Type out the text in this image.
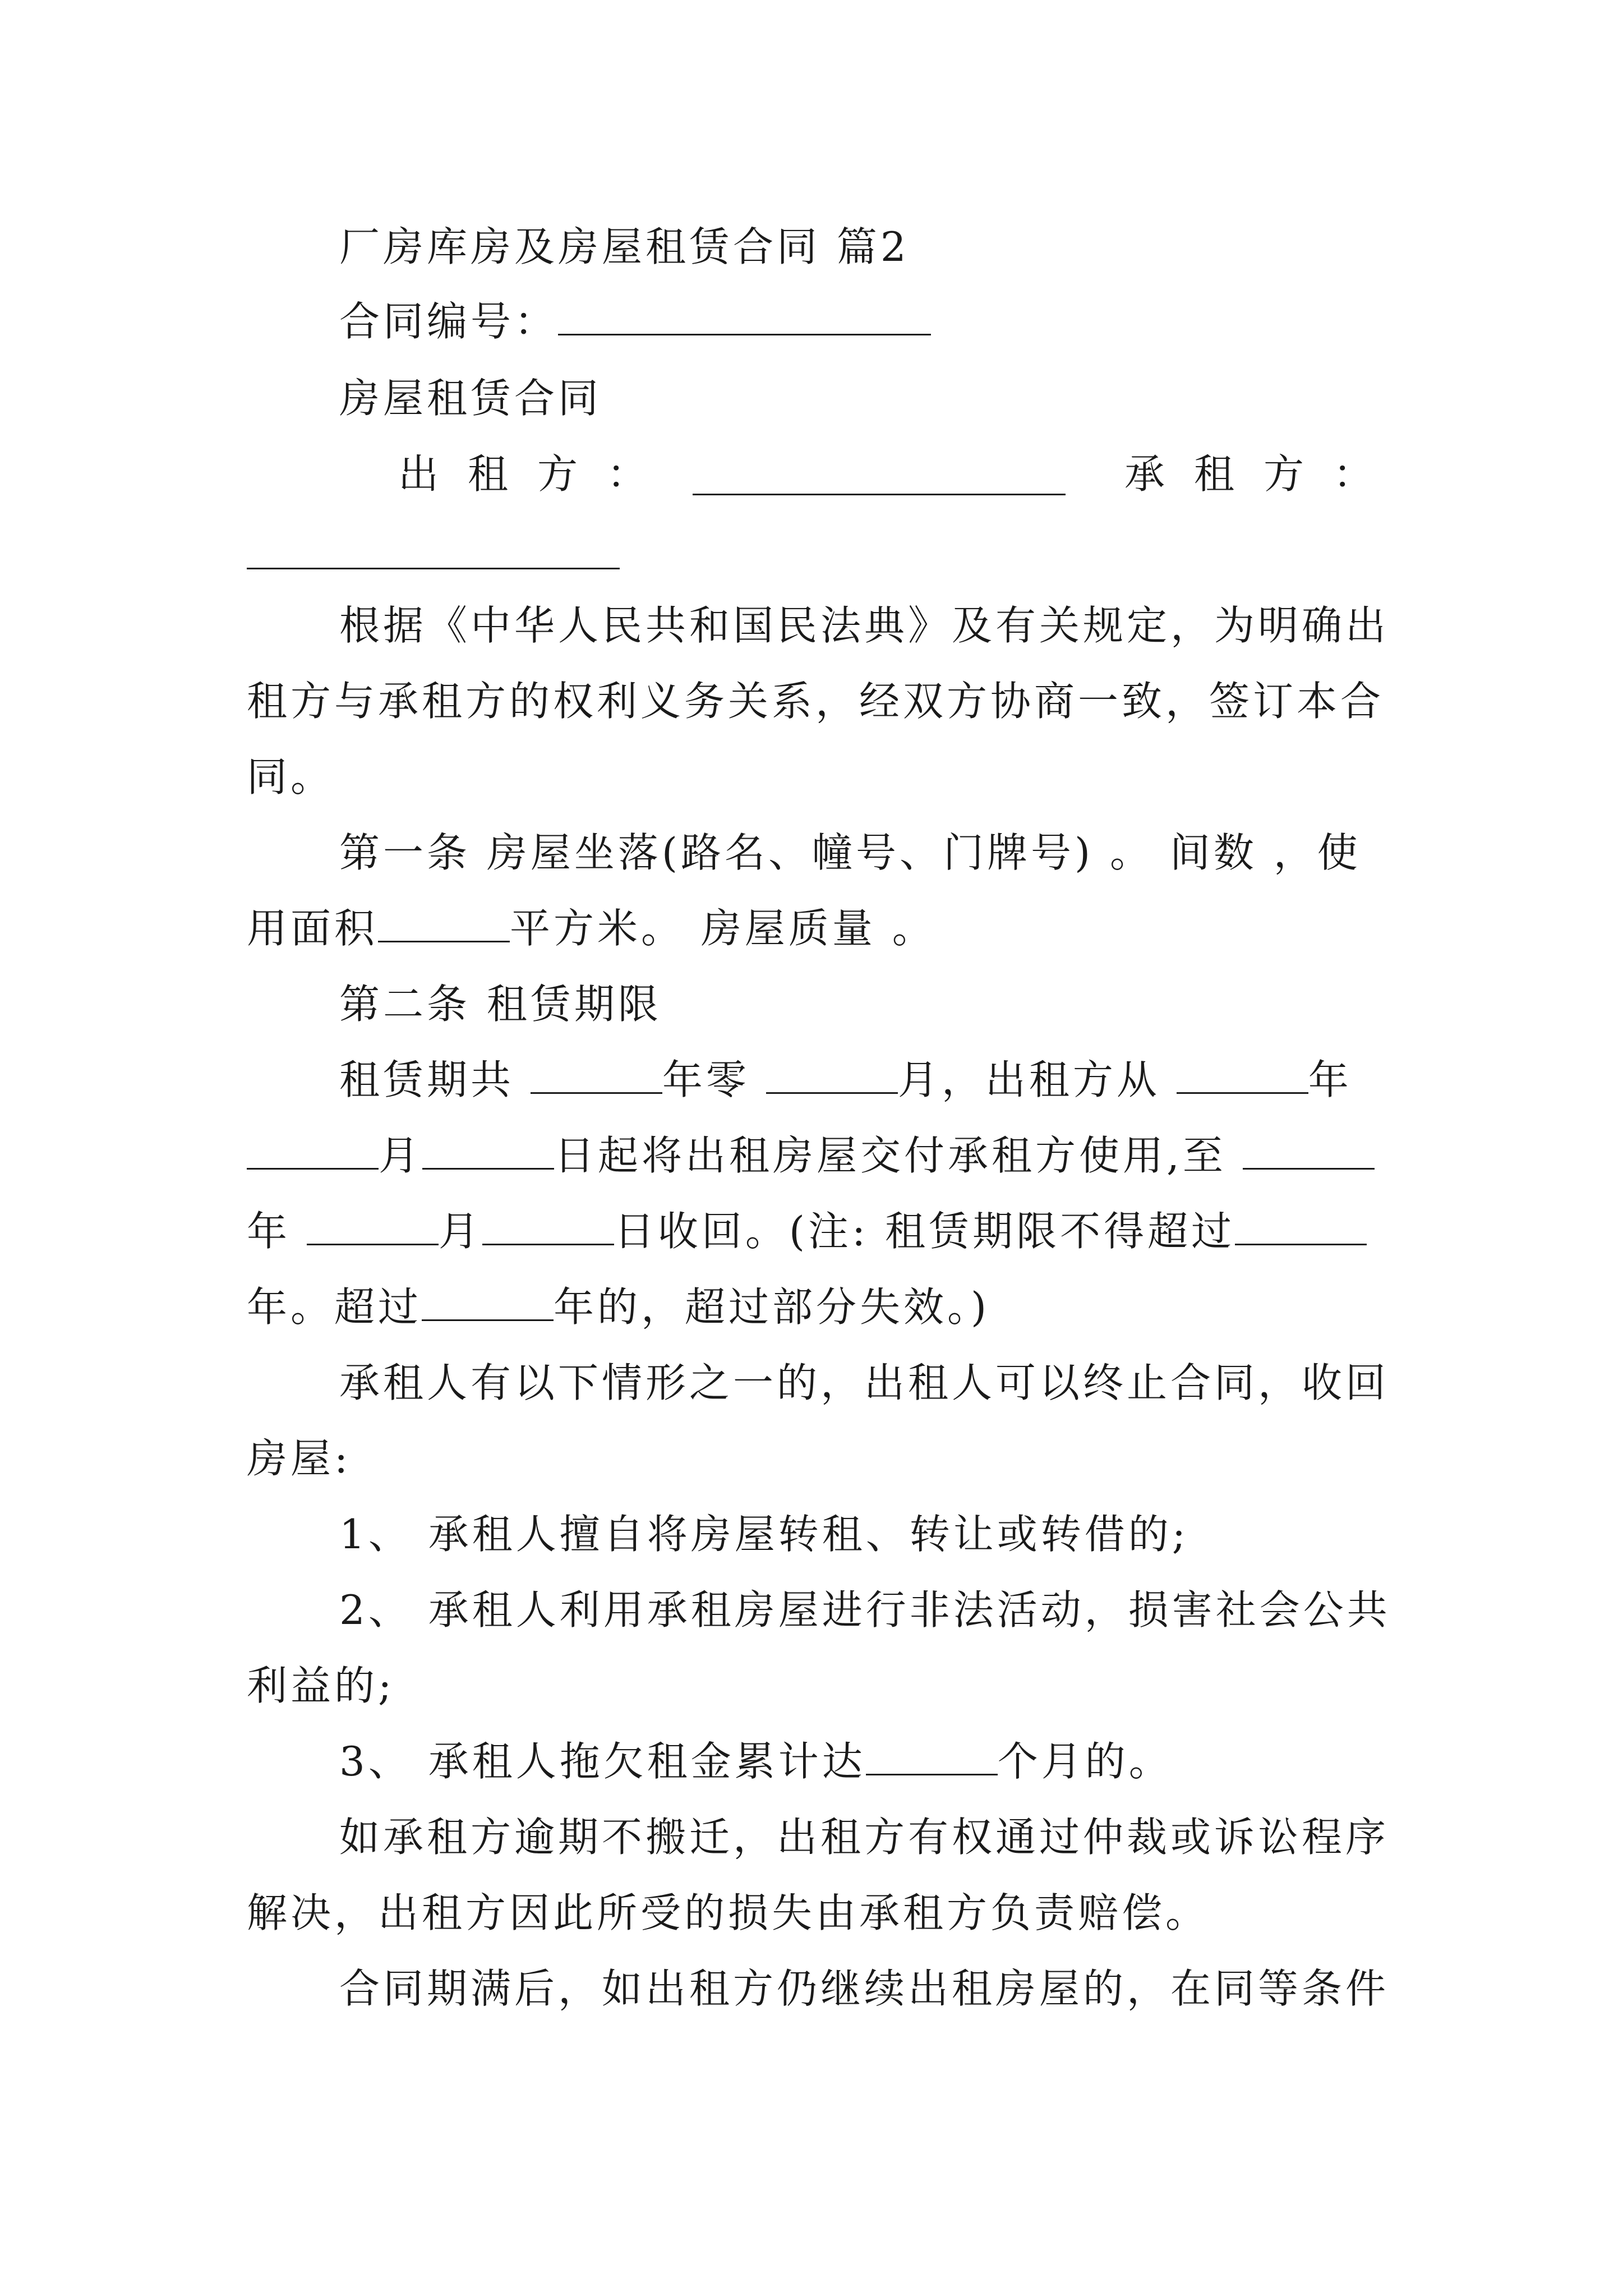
厂房库房及房屋租赁合同 篇2
合同编号：
房屋租赁合同
出租方：	承租方：
根据《中华人民共和国民法典》及有关规定，为明确出
租方与承租方的权利义务关系，经双方协商一致，签订本合
同。
第一条 房屋坐落(路名、幢号、门牌号) 。 间数 ，使
用面积	平方米。 房屋质量 。
第二条 租赁期限
租赁期共	年零	月，出租方从	年
月	日起将出租房屋交付承租方使用,至
年	月	日收回。(注: 租赁期限不得超过
年。超过	年的，超过部分失效。)
承租人有以下情形之一的，出租人可以终止合同，收回
房屋:
1、 承租人擅自将房屋转租、转让或转借的;
2、 承租人利用承租房屋进行非法活动，损害社会公共
利益的;
3、 承租人拖欠租金累计达	个月的。
如承租方逾期不搬迁，出租方有权通过仲裁或诉讼程序
解决，出租方因此所受的损失由承租方负责赔偿。
合同期满后，如出租方仍继续出租房屋的，在同等条件
